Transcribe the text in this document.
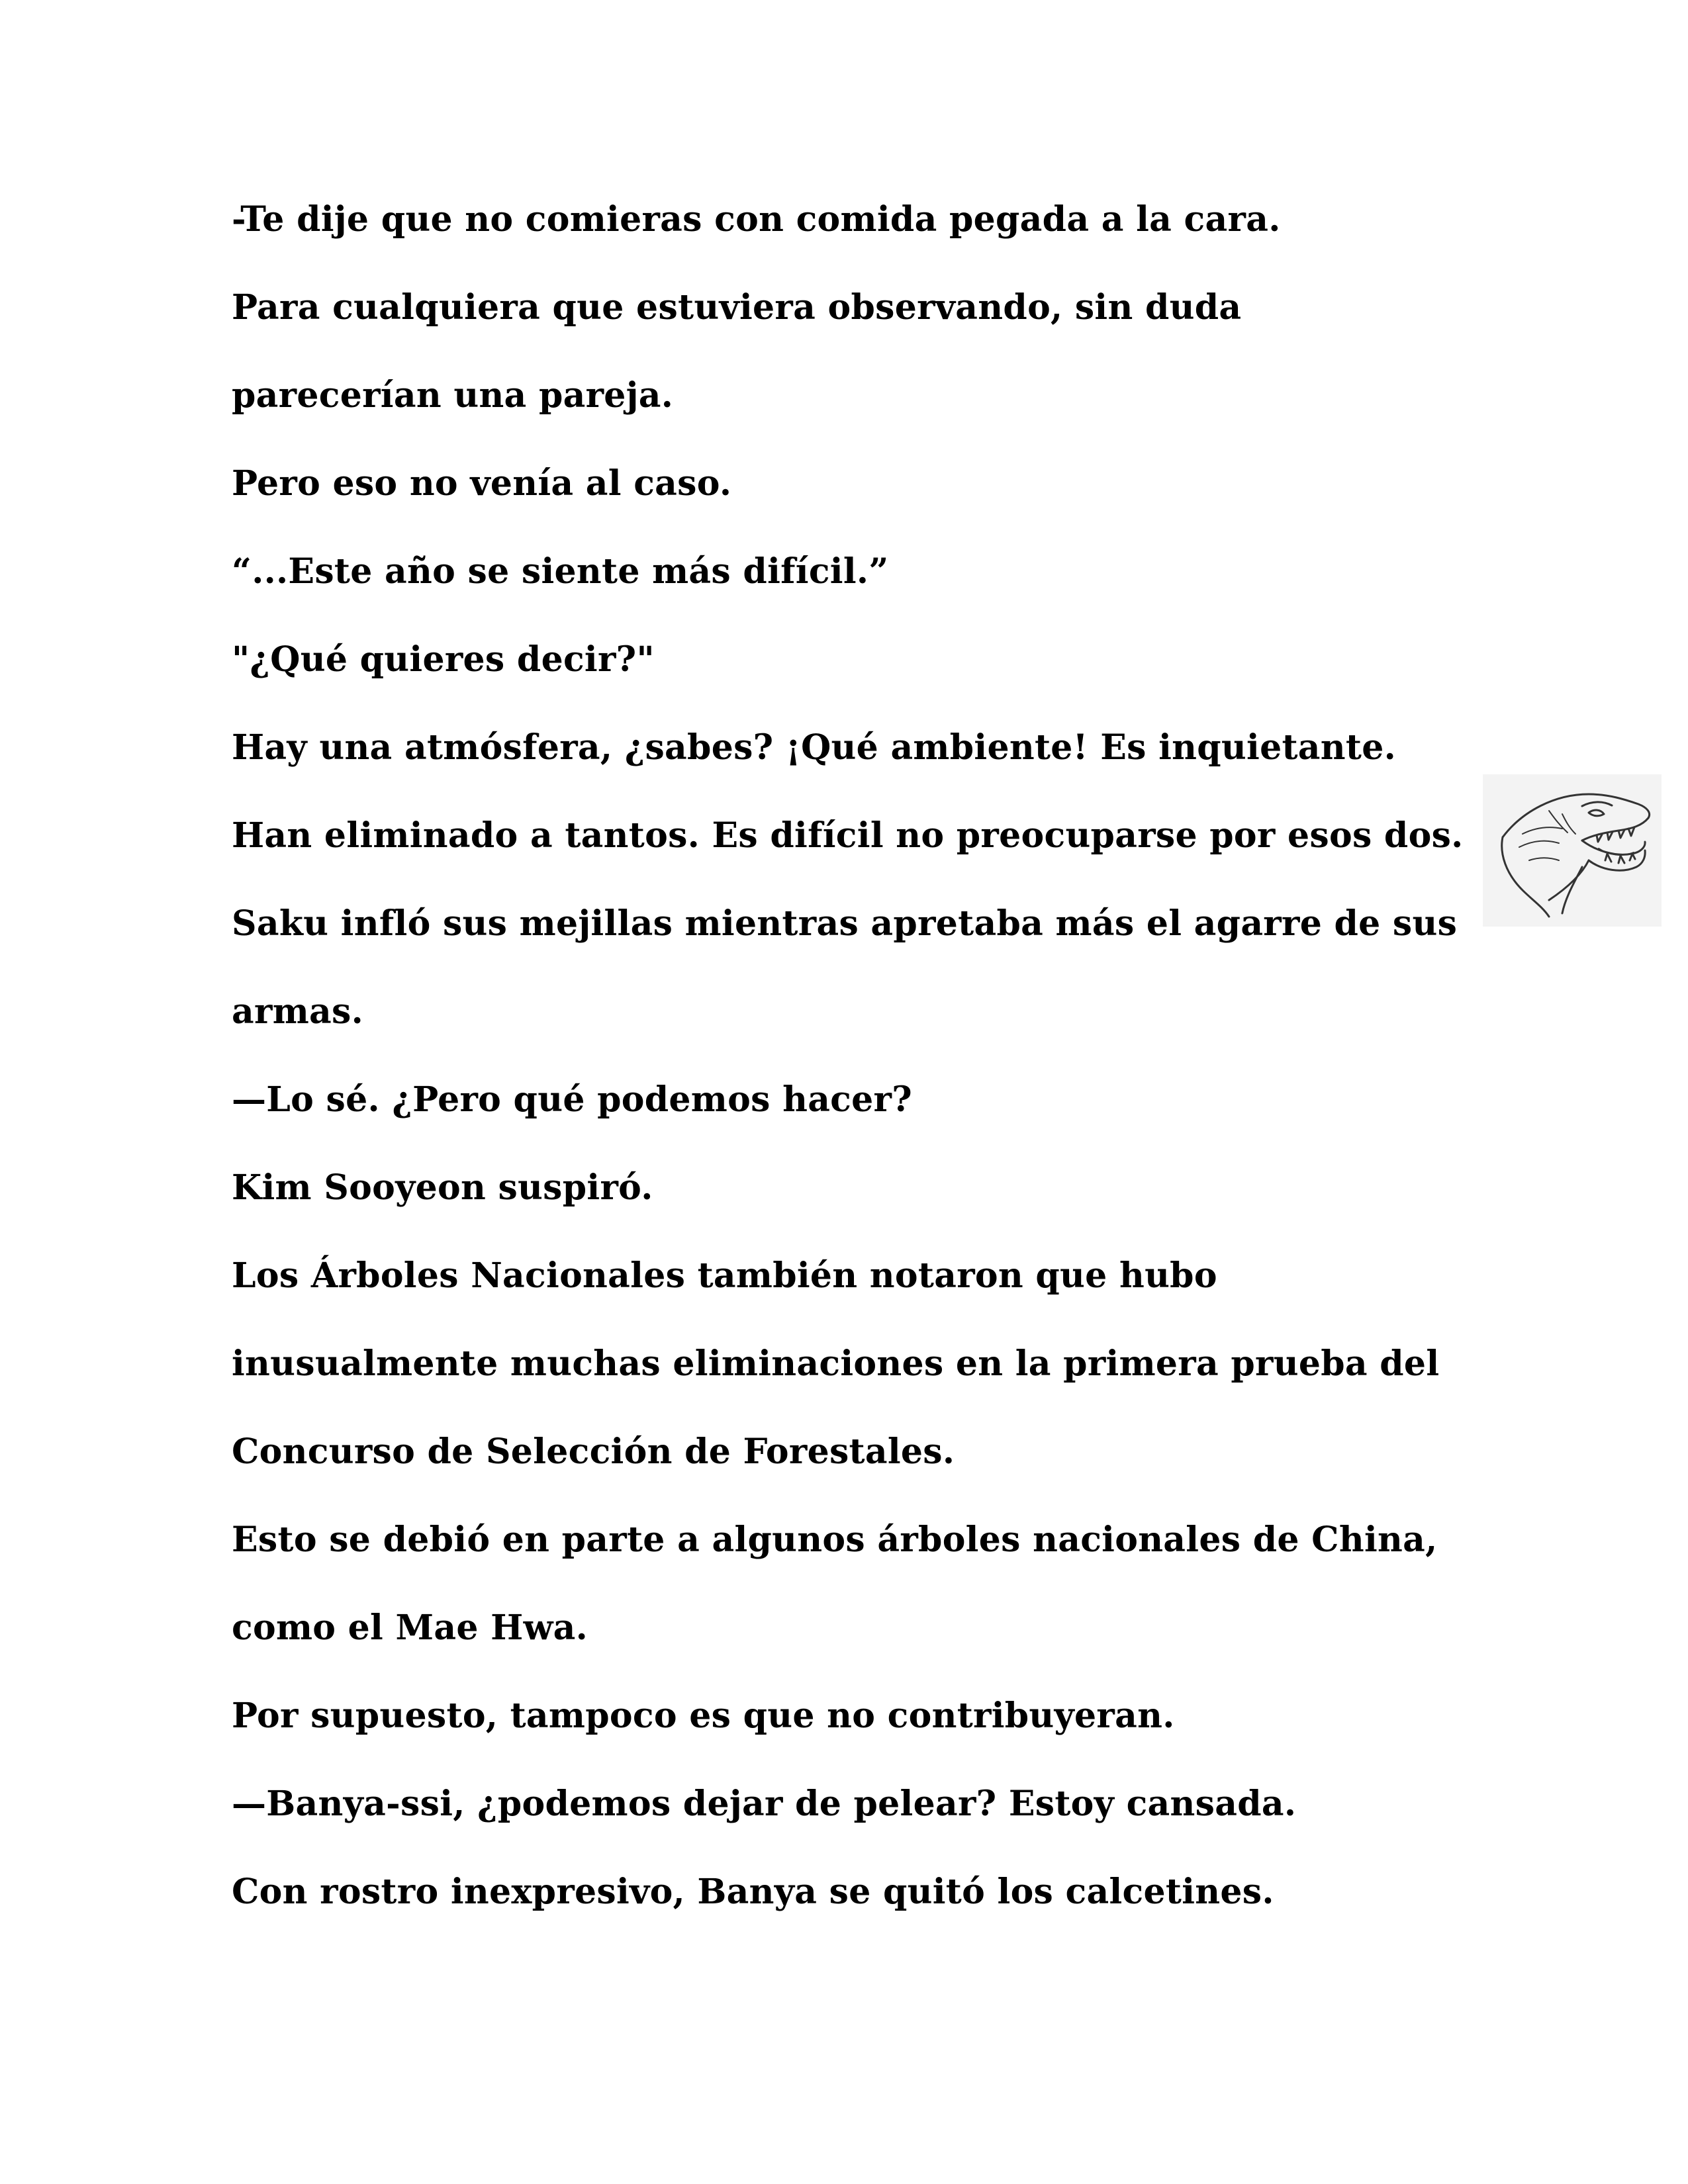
-Te dije que no comieras con comida pegada a la cara.
Para cualquiera que estuviera observando, sin duda
parecerían una pareja.
Pero eso no venía al caso.
“...Este año se siente más difícil.”
"¿Qué quieres decir?"
Hay una atmósfera, ¿sabes? ¡Qué ambiente! Es inquietante.
Han eliminado a tantos. Es difícil no preocuparse por esos dos.
Saku infló sus mejillas mientras apretaba más el agarre de sus
armas.
—Lo sé. ¿Pero qué podemos hacer?
Kim Sooyeon suspiró.
Los Árboles Nacionales también notaron que hubo
inusualmente muchas eliminaciones en la primera prueba del
Concurso de Selección de Forestales.
Esto se debió en parte a algunos árboles nacionales de China,
como el Mae Hwa.
Por supuesto, tampoco es que no contribuyeran.
—Banya-ssi, ¿podemos dejar de pelear? Estoy cansada.
Con rostro inexpresivo, Banya se quitó los calcetines.
